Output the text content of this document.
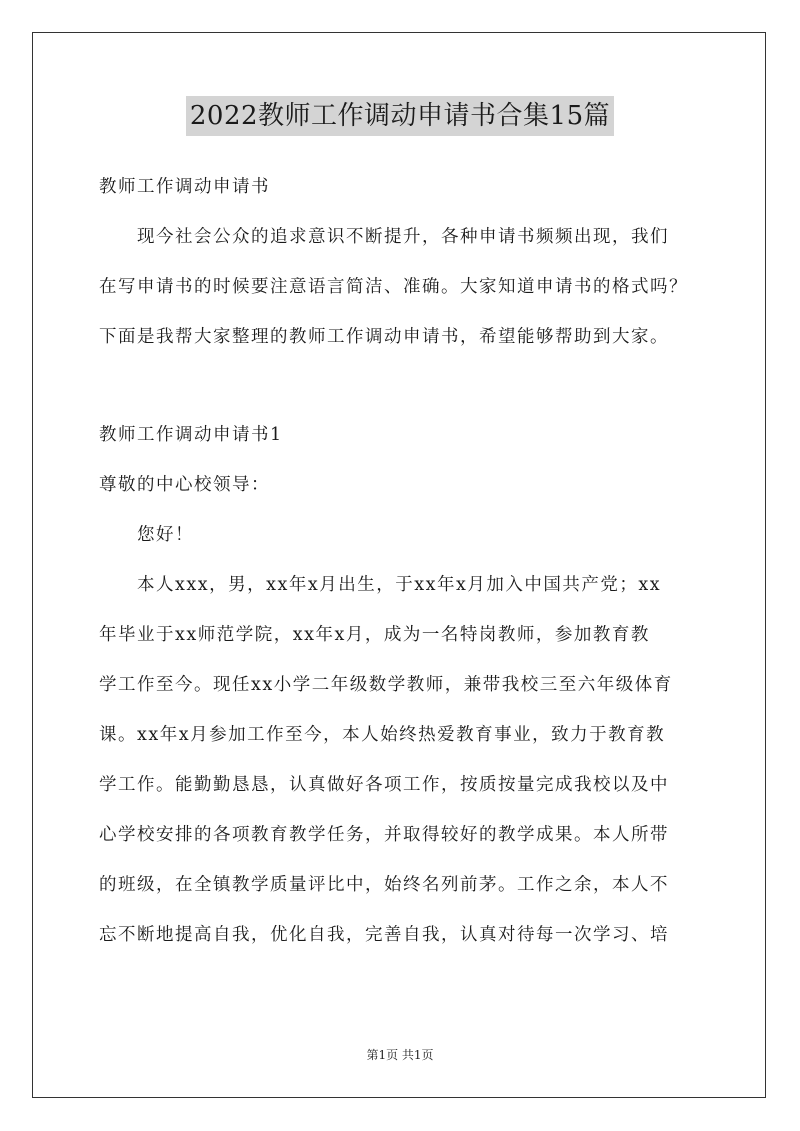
2022教师工作调动申请书合集15篇
教师工作调动申请书
现今社会公众的追求意识不断提升，各种申请书频频出现，我们
在写申请书的时候要注意语言简洁、准确。大家知道申请书的格式吗？
下面是我帮大家整理的教师工作调动申请书，希望能够帮助到大家。
教师工作调动申请书1
尊敬的中心校领导：
您好！
本人xxx，男，xx年x月出生，于xx年x月加入中国共产党；xx
年毕业于xx师范学院，xx年x月，成为一名特岗教师，参加教育教
学工作至今。现任xx小学二年级数学教师，兼带我校三至六年级体育
课。xx年x月参加工作至今，本人始终热爱教育事业，致力于教育教
学工作。能勤勤恳恳，认真做好各项工作，按质按量完成我校以及中
心学校安排的各项教育教学任务，并取得较好的教学成果。本人所带
的班级，在全镇教学质量评比中，始终名列前茅。工作之余，本人不
忘不断地提高自我，优化自我，完善自我，认真对待每一次学习、培
第1页 共1页
